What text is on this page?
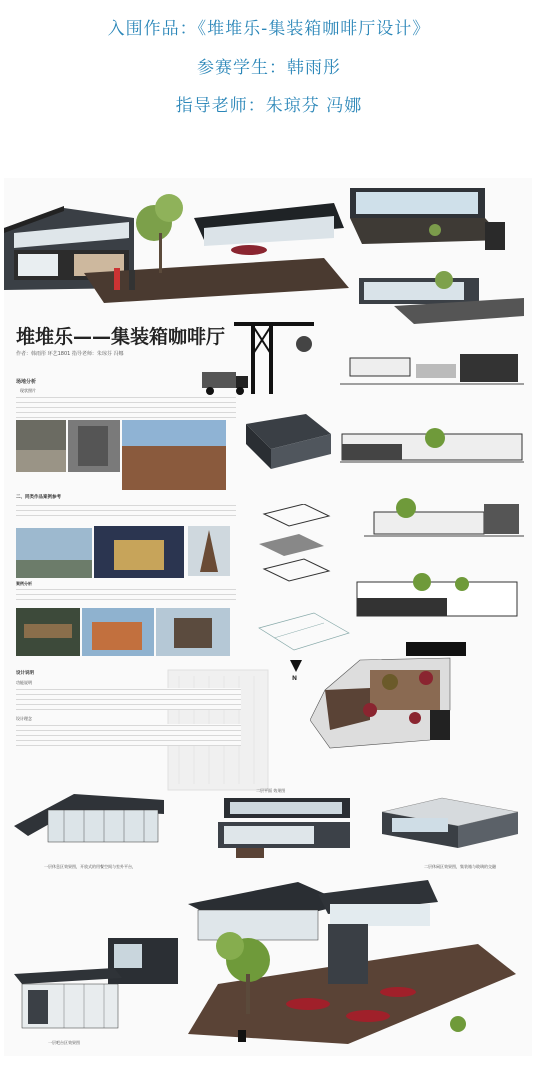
入围作品：《堆堆乐-集装箱咖啡厅设计》
参赛学生：韩雨彤
指导老师：朱琼芬 冯娜
堆堆乐——集装箱咖啡厅
作者：韩雨彤 环艺1801 指导老师：朱琼芬 冯娜
场地分析
现状照片
二、同类作品案例参考
案例分析
设计说明
功能说明
设计理念
N
一层休息区效果图，开放式的用餐空间与室外平台，
二层平面 效果图
二层休闲区效果图，集装箱与玻璃的交融
一层吧台区效果图
